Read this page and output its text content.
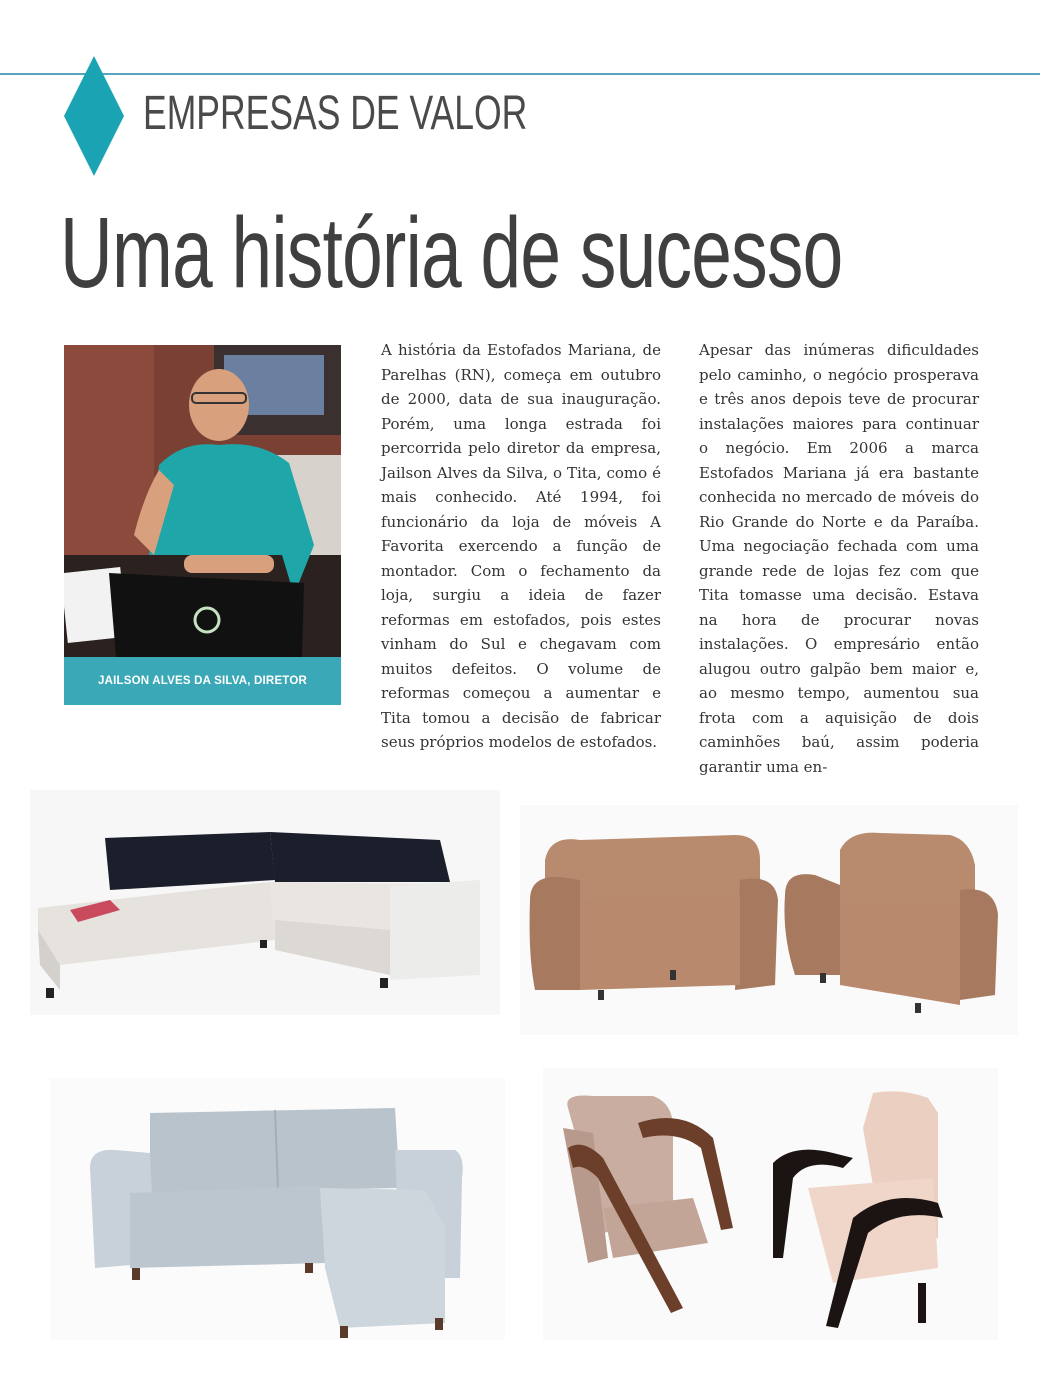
EMPRESAS DE VALOR
Uma história de sucesso
JAILSON ALVES DA SILVA, DIRETOR

A história da Estofados Mariana, de Parelhas (RN), começa em outubro de 2000, data de sua inauguração. Porém, uma longa estrada foi percorrida pelo diretor da empresa, Jailson Alves da Silva, o Tita, como é mais conhecido. Até 1994, foi funcionário da loja de móveis A Favorita exercendo a função de montador. Com o fechamento da loja, surgiu a ideia de fazer reformas em estofados, pois estes vinham do Sul e chegavam com muitos defeitos. O volume de reformas começou a aumentar e Tita tomou a decisão de fabricar seus próprios modelos de estofados.

Apesar das inúmeras dificuldades pelo caminho, o negócio prosperava e três anos depois teve de procurar instalações maiores para continuar o negócio. Em 2006 a marca Estofados Mariana já era bastante conhecida no mercado de móveis do Rio Grande do Norte e da Paraíba. Uma negociação fechada com uma grande rede de lojas fez com que Tita tomasse uma decisão. Estava na hora de procurar novas instalações. O empresário então alugou outro galpão bem maior e, ao mesmo tempo, aumentou sua frota com a aquisição de dois caminhões baú, assim poderia garantir uma en-
